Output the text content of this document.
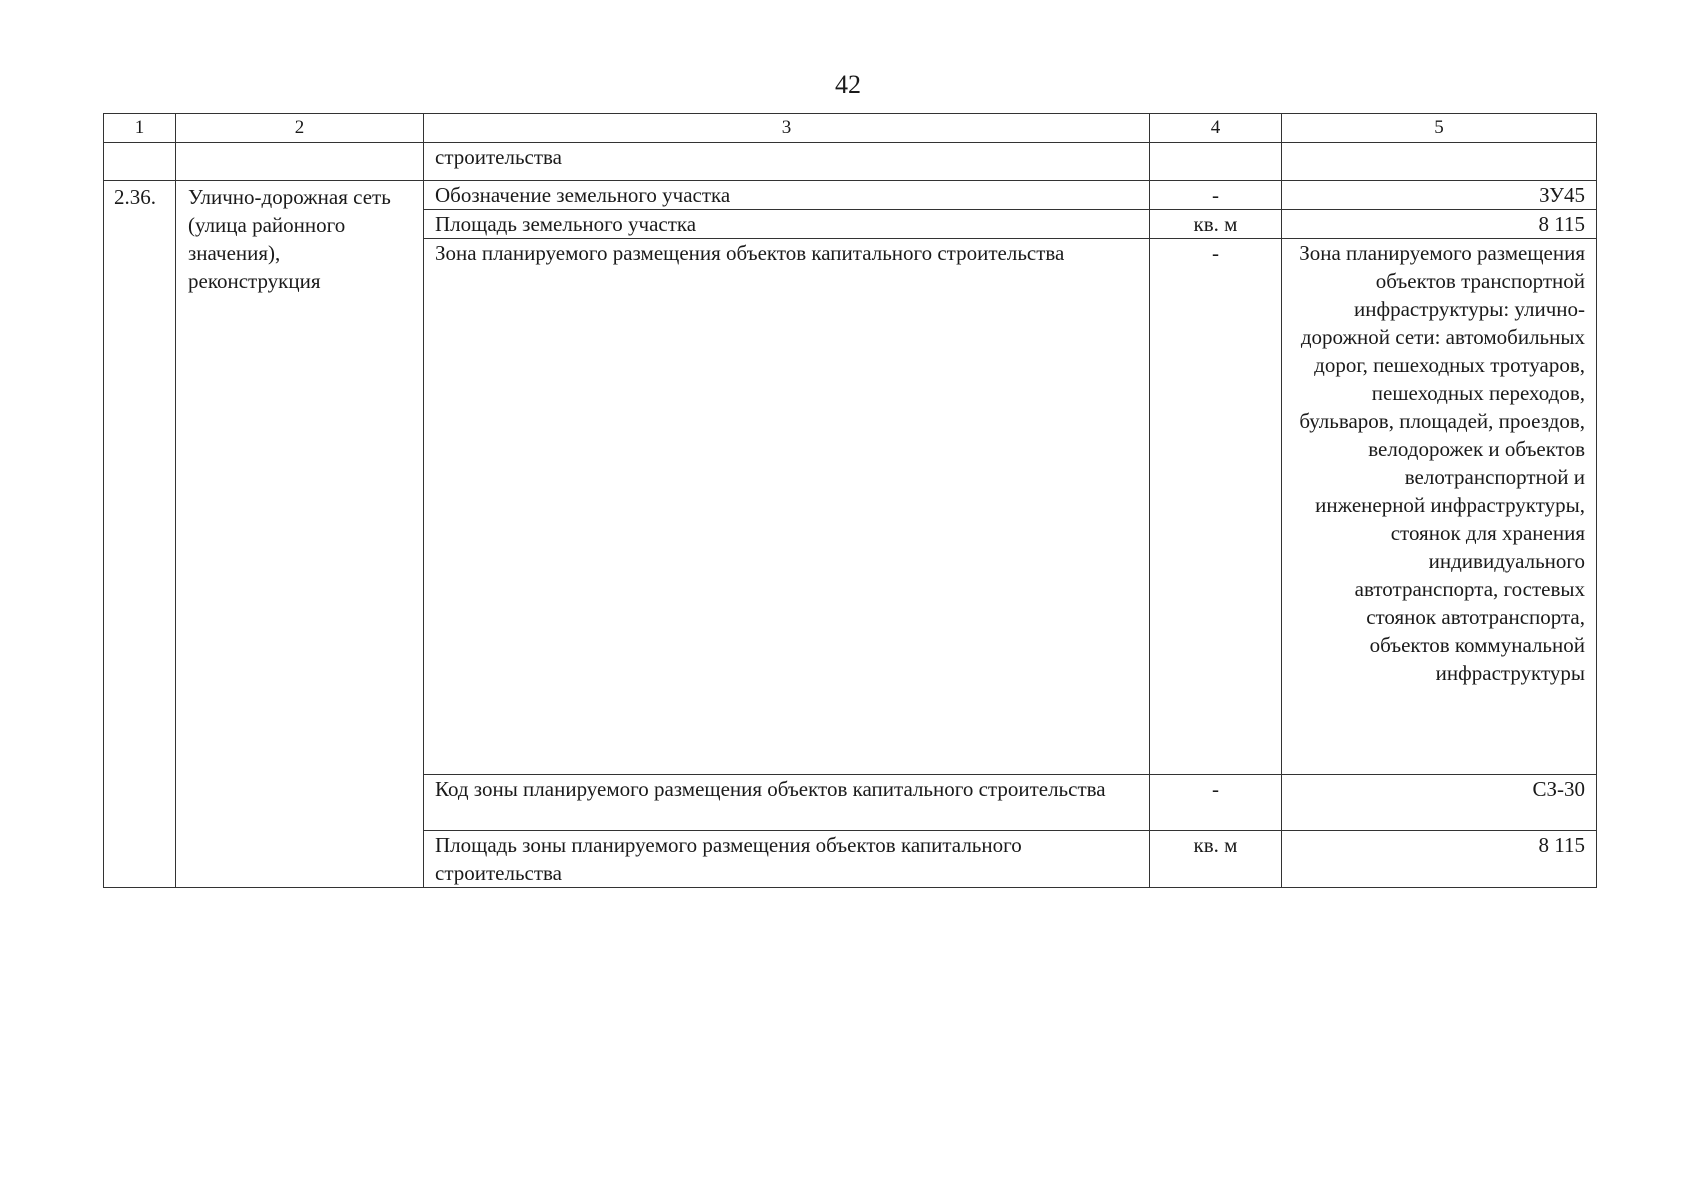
42
1	2	3	4	5
		строительства		
2.36.	Улично-дорожная сеть (улица районного значения), реконструкция	Обозначение земельного участка	-	ЗУ45
		Площадь земельного участка	кв. м	8 115
		Зона планируемого размещения объектов капитального строительства	-	Зона планируемого размещения объектов транспортной инфраструктуры: улично-дорожной сети: автомобильных дорог, пешеходных тротуаров, пешеходных переходов, бульваров, площадей, проездов, велодорожек и объектов велотранспортной и инженерной инфраструктуры, стоянок для хранения индивидуального автотранспорта, гостевых стоянок автотранспорта, объектов коммунальной инфраструктуры
		Код зоны планируемого размещения объектов капитального строительства	-	СЗ-30
		Площадь зоны планируемого размещения объектов капитального строительства	кв. м	8 115
